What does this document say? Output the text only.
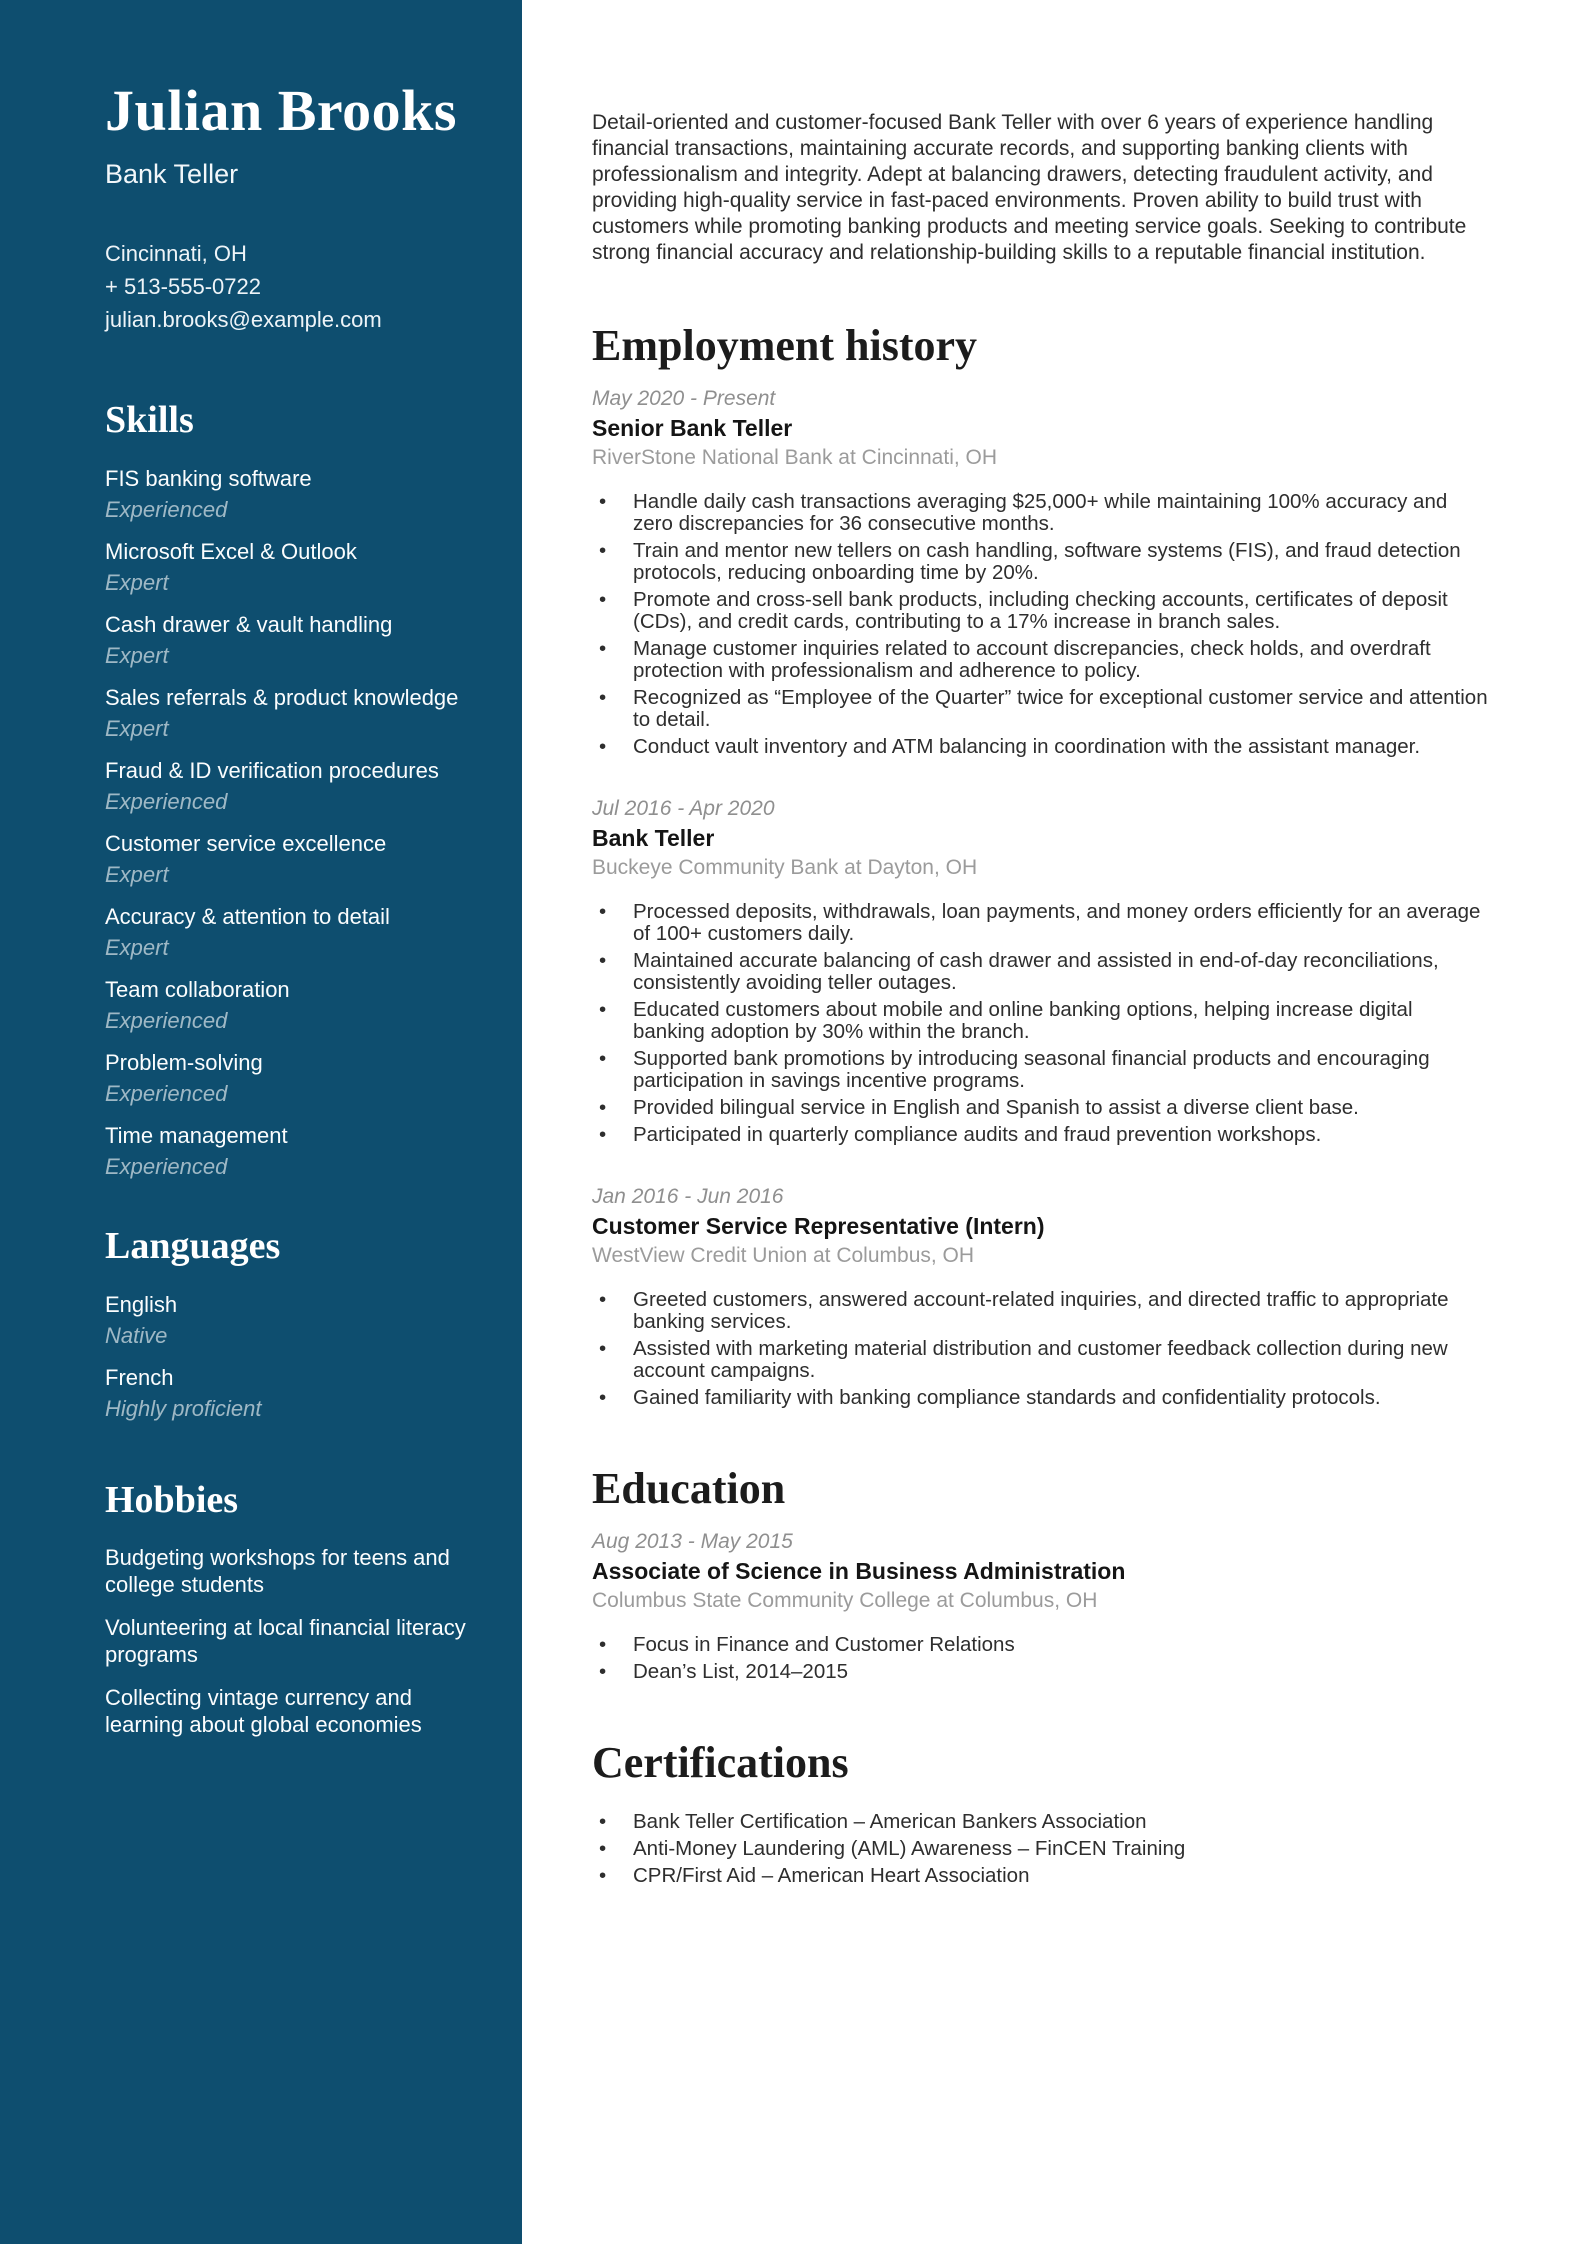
Julian Brooks
Bank Teller
Cincinnati, OH
+ 513-555-0722
julian.brooks@example.com
Skills
FIS banking software
Experienced
Microsoft Excel & Outlook
Expert
Cash drawer & vault handling
Expert
Sales referrals & product knowledge
Expert
Fraud & ID verification procedures
Experienced
Customer service excellence
Expert
Accuracy & attention to detail
Expert
Team collaboration
Experienced
Problem-solving
Experienced
Time management
Experienced
Languages
English
Native
French
Highly proficient
Hobbies
Budgeting workshops for teens and college students
Volunteering at local financial literacy programs
Collecting vintage currency and learning about global economies

Detail-oriented and customer-focused Bank Teller with over 6 years of experience handling financial transactions, maintaining accurate records, and supporting banking clients with professionalism and integrity. Adept at balancing drawers, detecting fraudulent activity, and providing high-quality service in fast-paced environments. Proven ability to build trust with customers while promoting banking products and meeting service goals. Seeking to contribute strong financial accuracy and relationship-building skills to a reputable financial institution.

Employment history
May 2020 - Present
Senior Bank Teller
RiverStone National Bank at Cincinnati, OH
• Handle daily cash transactions averaging $25,000+ while maintaining 100% accuracy and zero discrepancies for 36 consecutive months.
• Train and mentor new tellers on cash handling, software systems (FIS), and fraud detection protocols, reducing onboarding time by 20%.
• Promote and cross-sell bank products, including checking accounts, certificates of deposit (CDs), and credit cards, contributing to a 17% increase in branch sales.
• Manage customer inquiries related to account discrepancies, check holds, and overdraft protection with professionalism and adherence to policy.
• Recognized as “Employee of the Quarter” twice for exceptional customer service and attention to detail.
• Conduct vault inventory and ATM balancing in coordination with the assistant manager.
Jul 2016 - Apr 2020
Bank Teller
Buckeye Community Bank at Dayton, OH
• Processed deposits, withdrawals, loan payments, and money orders efficiently for an average of 100+ customers daily.
• Maintained accurate balancing of cash drawer and assisted in end-of-day reconciliations, consistently avoiding teller outages.
• Educated customers about mobile and online banking options, helping increase digital banking adoption by 30% within the branch.
• Supported bank promotions by introducing seasonal financial products and encouraging participation in savings incentive programs.
• Provided bilingual service in English and Spanish to assist a diverse client base.
• Participated in quarterly compliance audits and fraud prevention workshops.
Jan 2016 - Jun 2016
Customer Service Representative (Intern)
WestView Credit Union at Columbus, OH
• Greeted customers, answered account-related inquiries, and directed traffic to appropriate banking services.
• Assisted with marketing material distribution and customer feedback collection during new account campaigns.
• Gained familiarity with banking compliance standards and confidentiality protocols.
Education
Aug 2013 - May 2015
Associate of Science in Business Administration
Columbus State Community College at Columbus, OH
• Focus in Finance and Customer Relations
• Dean’s List, 2014–2015
Certifications
• Bank Teller Certification – American Bankers Association
• Anti-Money Laundering (AML) Awareness – FinCEN Training
• CPR/First Aid – American Heart Association
